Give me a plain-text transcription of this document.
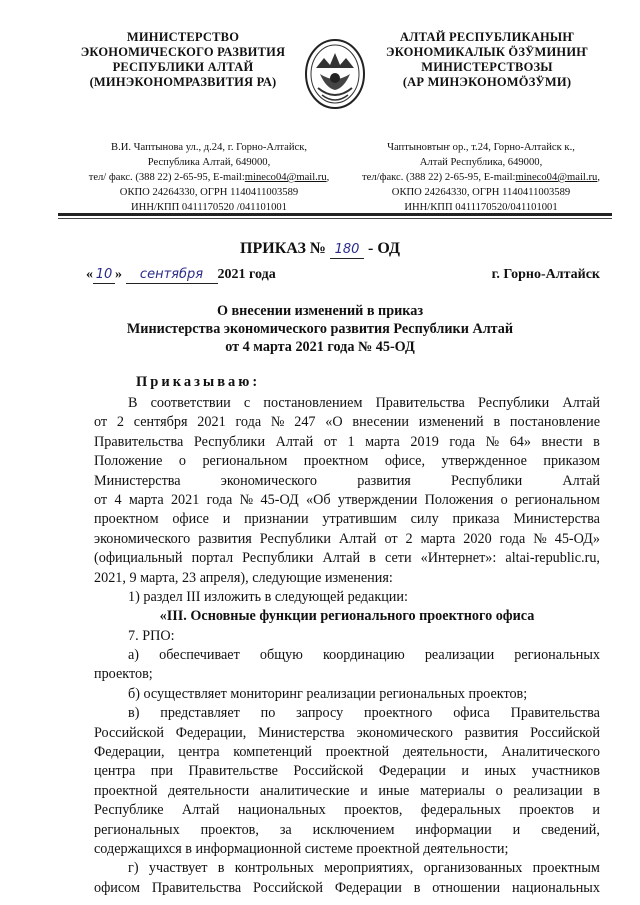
МИНИСТЕРСТВО
ЭКОНОМИЧЕСКОГО РАЗВИТИЯ
РЕСПУБЛИКИ АЛТАЙ
(МИНЭКОНОМРАЗВИТИЯ РА)
АЛТАЙ РЕСПУБЛИКАНЫҤ
ЭКОНОМИКАЛЫК ÖЗӰМИНИҤ
МИНИСТЕРСТВОЗЫ
(АР МИНЭКОНОМÖЗӰМИ)
В.И. Чаптынова ул., д.24, г. Горно-Алтайск,
Республика Алтай, 649000,
тел/ факс. (388 22) 2-65-95, E-mail:mineco04@mail.ru,
ОКПО 24264330, ОГРН 1140411003589
ИНН/КПП 0411170520 /041101001
Чаптыновтыҥ ор., т.24, Горно-Алтайск к.,
Алтай Республика, 649000,
тел/факс. (388 22) 2-65-95, E-mail:mineco04@mail.ru,
ОКПО 24264330, ОГРН 1140411003589
ИНН/КПП 0411170520/041101001
ПРИКАЗ № 180 - ОД
« 10 » сентября 2021 года	г. Горно-Алтайск
О внесении изменений в приказ
Министерства экономического развития Республики Алтай
от 4 марта 2021 года № 45-ОД
Приказываю:
В соответствии с постановлением Правительства Республики Алтай
от 2 сентября 2021 года № 247 «О внесении изменений в постановление
Правительства Республики Алтай от 1 марта 2019 года № 64» внести в
Положение о региональном проектном офисе, утвержденное приказом
Министерства	экономического	развития	Республики	Алтай
от 4 марта 2021 года № 45-ОД «Об утверждении Положения о региональном
проектном офисе и признании утратившим силу приказа Министерства
экономического развития Республики Алтай от 2 марта 2020 года № 45-ОД»
(официальный портал Республики Алтай в сети «Интернет»: altai-republic.ru,
2021, 9 марта, 23 апреля), следующие изменения:
1) раздел III изложить в следующей редакции:
«III. Основные функции регионального проектного офиса
7. РПО:
а) обеспечивает общую координацию реализации региональных
проектов;
б) осуществляет мониторинг реализации региональных проектов;
в) представляет по запросу проектного офиса Правительства
Российской Федерации, Министерства экономического развития Российской
Федерации, центра компетенций проектной деятельности, Аналитического
центра при Правительстве Российской Федерации и иных участников
проектной деятельности аналитические и иные материалы о реализации в
Республике Алтай национальных проектов, федеральных проектов и
региональных проектов, за исключением информации и сведений,
содержащихся в информационной системе проектной деятельности;
г) участвует в контрольных мероприятиях, организованных проектным
офисом Правительства Российской Федерации в отношении национальных
